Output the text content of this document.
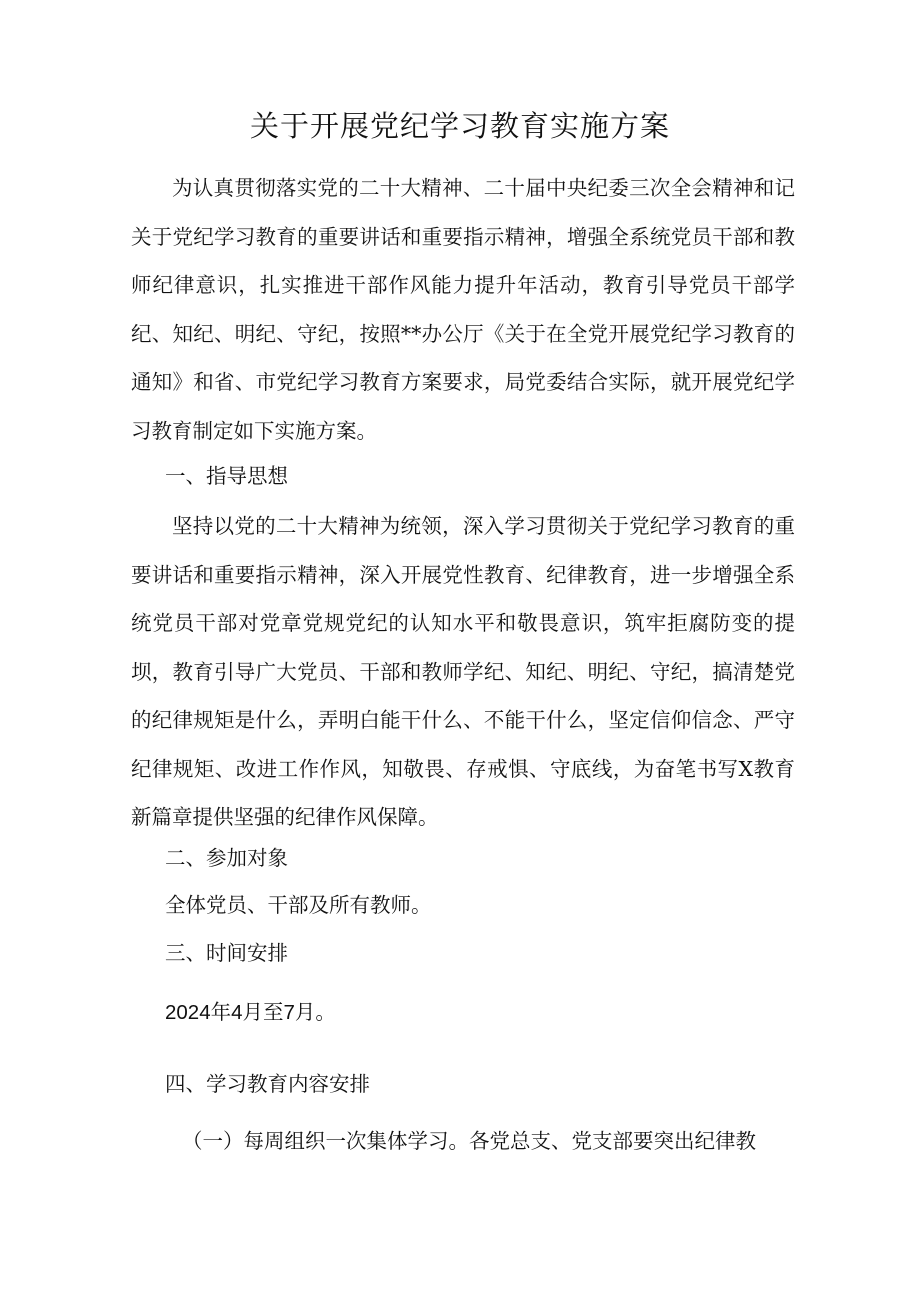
关于开展党纪学习教育实施方案
为认真贯彻落实党的二十大精神、二十届中央纪委三次全会精神和记关于党纪学习教育的重要讲话和重要指示精神，增强全系统党员干部和教师纪律意识，扎实推进干部作风能力提升年活动，教育引导党员干部学纪、知纪、明纪、守纪，按照**办公厅《关于在全党开展党纪学习教育的通知》和省、市党纪学习教育方案要求，局党委结合实际，就开展党纪学习教育制定如下实施方案。
一、指导思想
坚持以党的二十大精神为统领，深入学习贯彻关于党纪学习教育的重要讲话和重要指示精神，深入开展党性教育、纪律教育，进一步增强全系统党员干部对党章党规党纪的认知水平和敬畏意识，筑牢拒腐防变的提坝，教育引导广大党员、干部和教师学纪、知纪、明纪、守纪，搞清楚党的纪律规矩是什么，弄明白能干什么、不能干什么，坚定信仰信念、严守纪律规矩、改进工作作风，知敬畏、存戒惧、守底线，为奋笔书写X教育新篇章提供坚强的纪律作风保障。
二、参加对象
全体党员、干部及所有教师。
三、时间安排
2024年4月至7月。
四、学习教育内容安排
（一）每周组织一次集体学习。各党总支、党支部要突出纪律教
